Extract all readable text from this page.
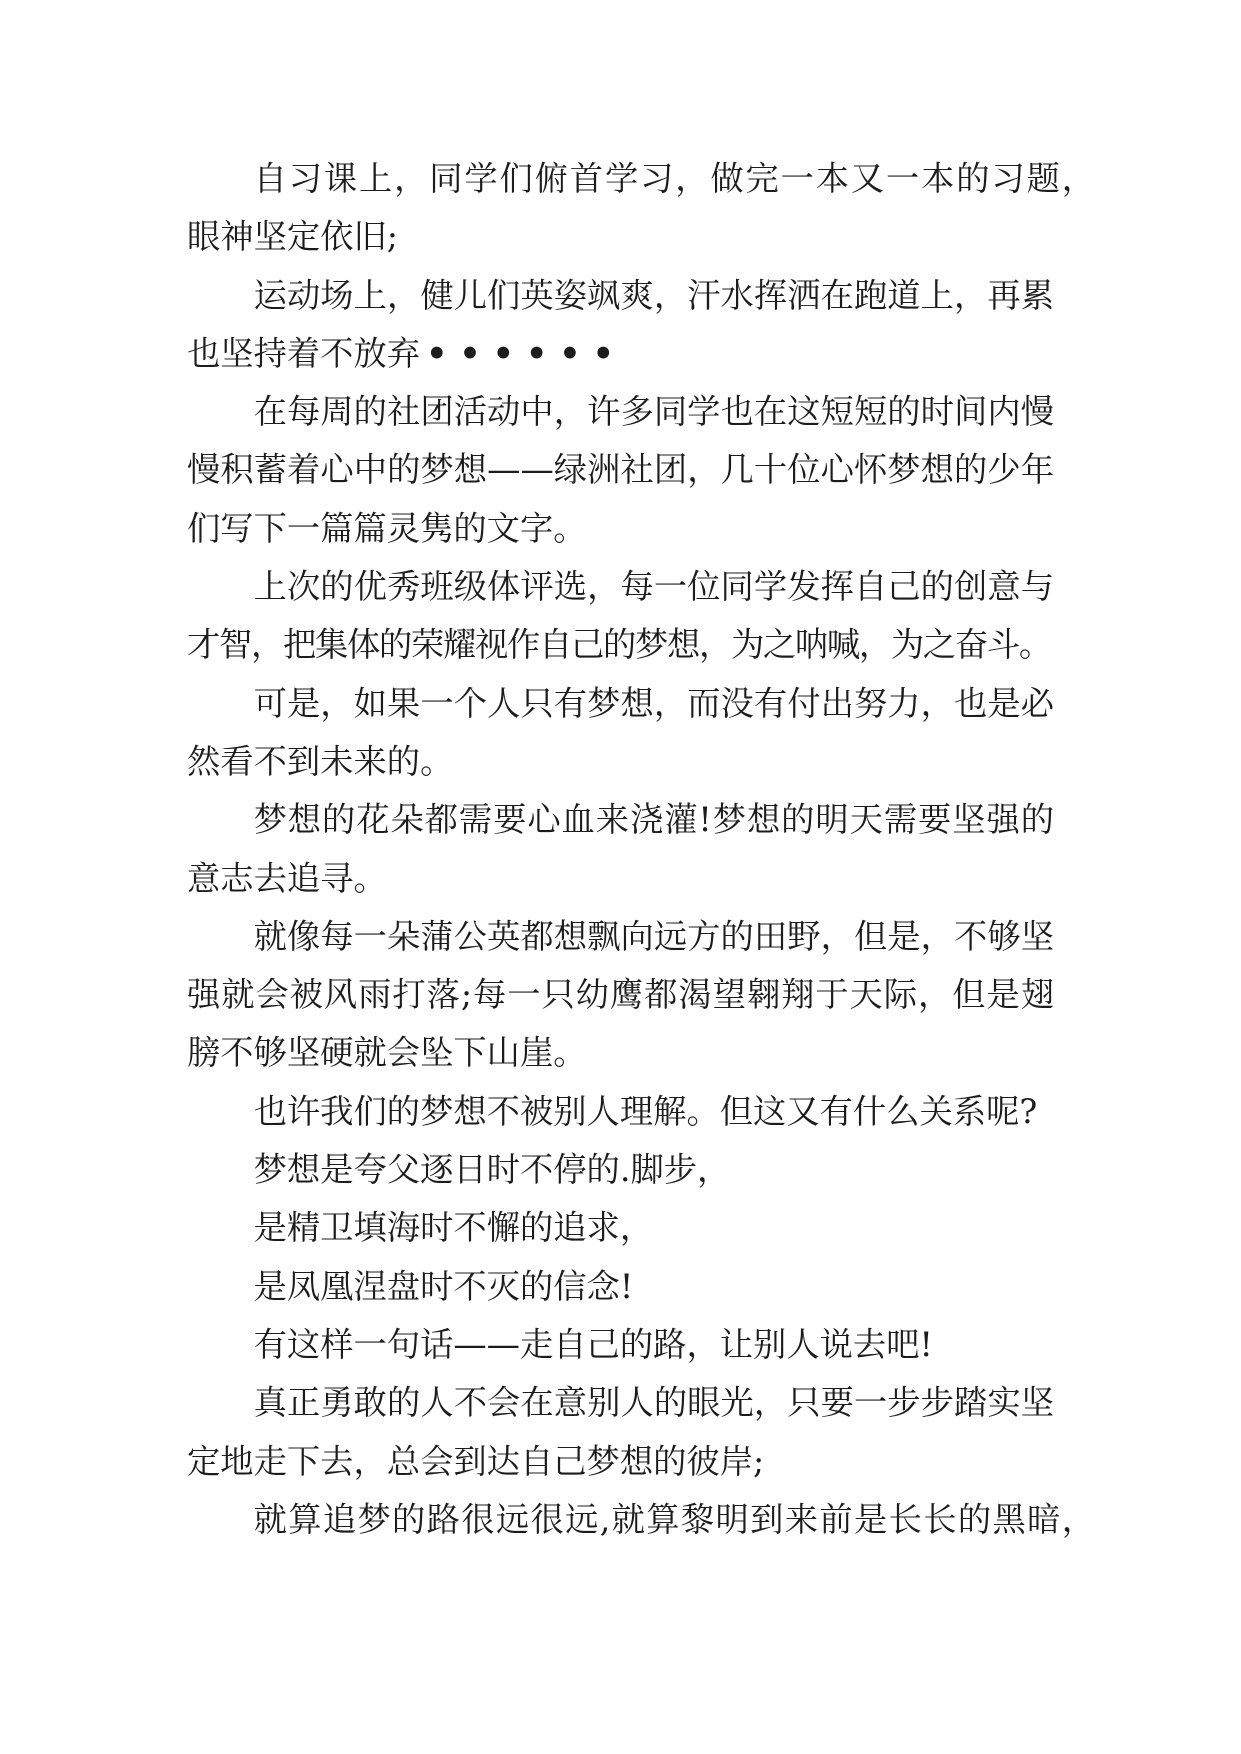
自习课上，同学们俯首学习，做完一本又一本的习题，
眼神坚定依旧;
运动场上，健儿们英姿飒爽，汗水挥洒在跑道上，再累
也坚持着不放弃 • • • • • •
在每周的社团活动中，许多同学也在这短短的时间内慢
慢积蓄着心中的梦想——绿洲社团，几十位心怀梦想的少年
们写下一篇篇灵隽的文字。
上次的优秀班级体评选，每一位同学发挥自己的创意与
才智，把集体的荣耀视作自己的梦想，为之呐喊，为之奋斗。
可是，如果一个人只有梦想，而没有付出努力，也是必
然看不到未来的。
梦想的花朵都需要心血来浇灌!梦想的明天需要坚强的
意志去追寻。
就像每一朵蒲公英都想飘向远方的田野，但是，不够坚
强就会被风雨打落;每一只幼鹰都渴望翱翔于天际，但是翅
膀不够坚硬就会坠下山崖。
也许我们的梦想不被别人理解。但这又有什么关系呢?
梦想是夸父逐日时不停的.脚步，
是精卫填海时不懈的追求，
是凤凰涅盘时不灭的信念!
有这样一句话——走自己的路，让别人说去吧!
真正勇敢的人不会在意别人的眼光，只要一步步踏实坚
定地走下去，总会到达自己梦想的彼岸;
就算追梦的路很远很远,就算黎明到来前是长长的黑暗，
